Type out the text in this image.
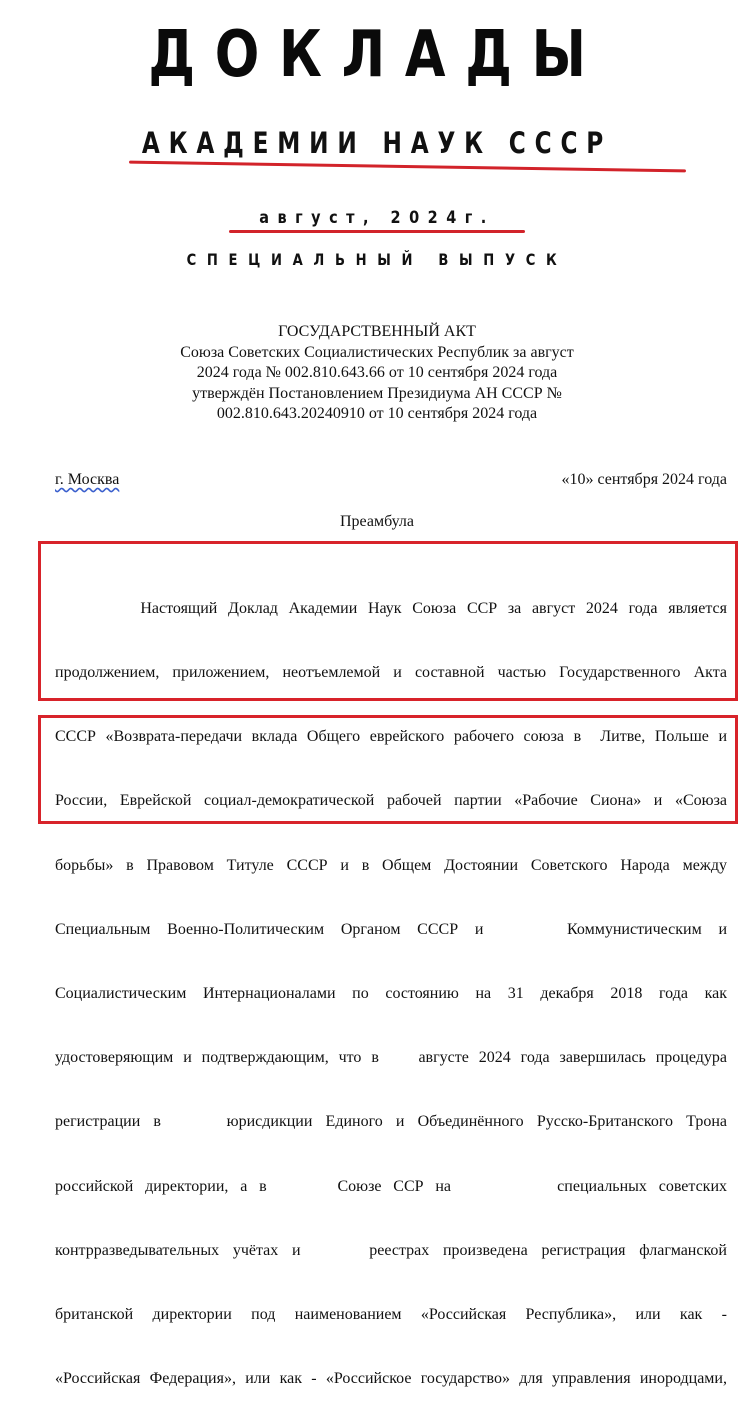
ДОКЛАДЫ
АКАДЕМИИ НАУК СССР
август, 2024г.
СПЕЦИАЛЬНЫЙ ВЫПУСК
ГОСУДАРСТВЕННЫЙ АКТ
Союза Советских Социалистических Республик за август
2024 года № 002.810.643.66 от 10 сентября 2024 года
утверждён Постановлением Президиума АН СССР №
002.810.643.20240910 от 10 сентября 2024 года
г. Москва	«10» сентября 2024 года
Преамбула

Настоящий Доклад Академии Наук Союза ССР за август 2024 года является

продолжением, приложением, неотъемлемой и составной частью Государственного Акта

СССР «Возврата-передачи вклада Общего еврейского рабочего союза в  Литве, Польше и

России, Еврейской социал-демократической рабочей партии «Рабочие Сиона» и «Союза

борьбы» в Правовом Титуле СССР и в Общем Достоянии Советского Народа между

Специальным Военно-Политическим Органом СССР и     Коммунистическим и

Социалистическим Интернационалами по состоянию на 31 декабря 2018 года как

удостоверяющим и подтверждающим, что в    августе 2024 года завершилась процедура

регистрации в     юрисдикции Единого и Объединённого Русско-Британского Трона

российской директории, а в      Союзе ССР на         специальных советских

контрразведывательных учётах и     реестрах произведена регистрация флагманской

британской директории под наименованием «Российская Республика», или как -

«Российская Федерация», или как - «Российское государство» для управления инородцами,
